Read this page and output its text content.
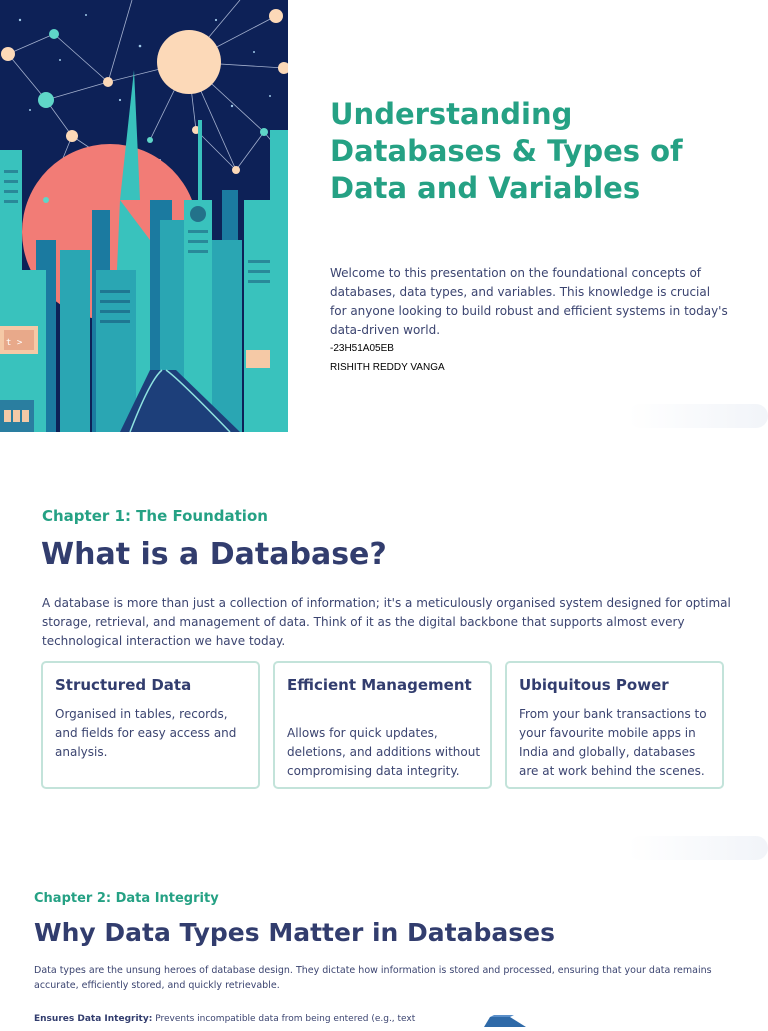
t >
Understanding
Databases & Types of
Data and Variables

Welcome to this presentation on the foundational concepts of databases, data types, and variables. This knowledge is crucial for anyone looking to build robust and efficient systems in today's data-driven world.

-23H51A05EB

RISHITH REDDY VANGA

Chapter 1: The Foundation

What is a Database?

A database is more than just a collection of information; it's a meticulously organised system designed for optimal storage, retrieval, and management of data. Think of it as the digital backbone that supports almost every technological interaction we have today.

Structured Data

Organised in tables, records, and fields for easy access and analysis.

Efficient Management

Allows for quick updates, deletions, and additions without compromising data integrity.

Ubiquitous Power

From your bank transactions to your favourite mobile apps in India and globally, databases are at work behind the scenes.

Chapter 2: Data Integrity

Why Data Types Matter in Databases

Data types are the unsung heroes of database design. They dictate how information is stored and processed, ensuring that your data remains accurate, efficiently stored, and quickly retrievable.

Ensures Data Integrity: Prevents incompatible data from being entered (e.g., text
